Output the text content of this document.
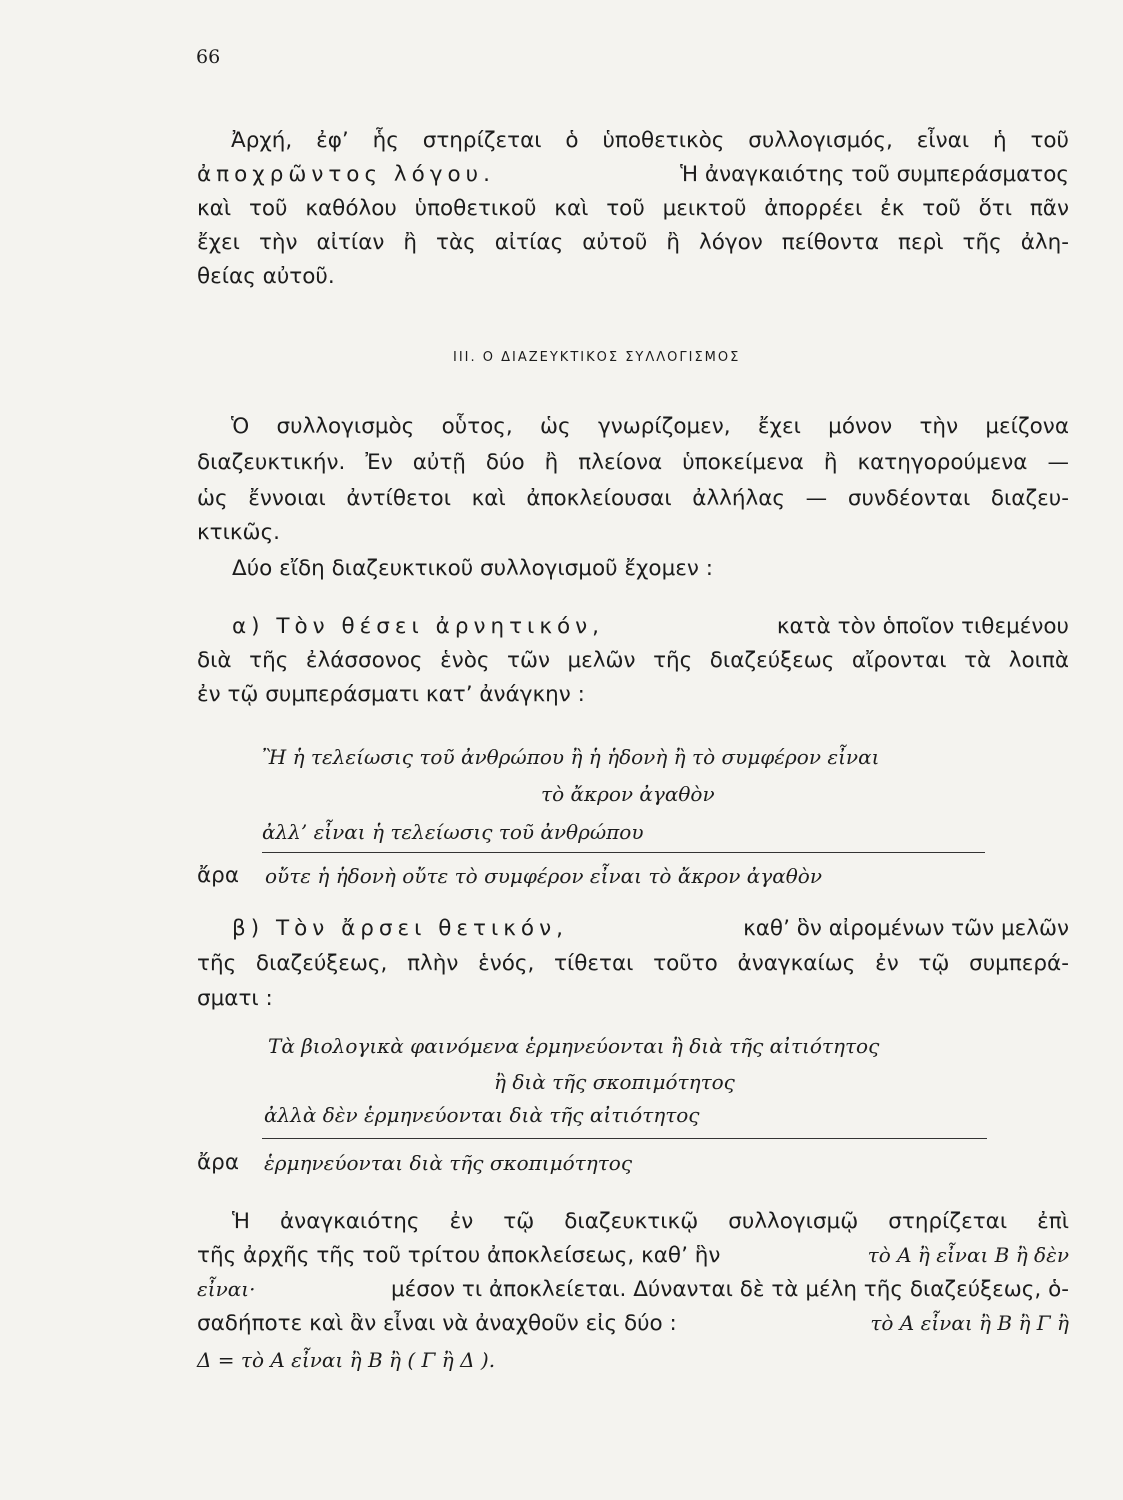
66
Ἀρχή, ἐφ’ ἧς στηρίζεται ὁ ὑποθετικὸς συλλογισμός, εἶναι ἡ τοῦ
ἀποχρῶντος λόγου.	Ἡ ἀναγκαιότης τοῦ συμπεράσματος
καὶ τοῦ καθόλου ὑποθετικοῦ καὶ τοῦ μεικτοῦ ἀπορρέει ἐκ τοῦ ὅτι πᾶν
ἔχει τὴν αἰτίαν ἢ τὰς αἰτίας αὐτοῦ ἢ λόγον πείθοντα περὶ τῆς ἀλη-
θείας αὐτοῦ.
III. Ο ΔΙΑΖΕΥΚΤΙΚΟΣ ΣΥΛΛΟΓΙΣΜΟΣ
Ὁ συλλογισμὸς οὗτος, ὡς γνωρίζομεν, ἔχει μόνον τὴν μείζονα
διαζευκτικήν. Ἐν αὐτῇ δύο ἢ πλείονα ὑποκείμενα ἢ κατηγορούμενα —
ὡς ἔννοιαι ἀντίθετοι καὶ ἀποκλείουσαι ἀλλήλας — συνδέονται διαζευ-
κτικῶς.
Δύο εἴδη διαζευκτικοῦ συλλογισμοῦ ἔχομεν :
α) Τὸν θέσει ἀρνητικόν,	κατὰ τὸν ὁποῖον τιθεμένου
διὰ τῆς ἐλάσσονος ἑνὸς τῶν μελῶν τῆς διαζεύξεως αἴρονται τὰ λοιπὰ
ἐν τῷ συμπεράσματι κατ’ ἀνάγκην :
Ἢ ἡ τελείωσις τοῦ ἀνθρώπου ἢ ἡ ἡδονὴ ἢ τὸ συμφέρον εἶναι
τὸ ἄκρον ἀγαθὸν
ἀλλ’ εἶναι ἡ τελείωσις τοῦ ἀνθρώπου
ἄρα οὔτε ἡ ἡδονὴ οὔτε τὸ συμφέρον εἶναι τὸ ἄκρον ἀγαθὸν
β) Τὸν ἄρσει θετικόν,	καθ’ ὃν αἰρομένων τῶν μελῶν
τῆς διαζεύξεως, πλὴν ἑνός, τίθεται τοῦτο ἀναγκαίως ἐν τῷ συμπερά-
σματι :
Τὰ βιολογικὰ φαινόμενα ἑρμηνεύονται ἢ διὰ τῆς αἰτιότητος
ἢ διὰ τῆς σκοπιμότητος
ἀλλὰ δὲν ἑρμηνεύονται διὰ τῆς αἰτιότητος
ἄρα ἑρμηνεύονται διὰ τῆς σκοπιμότητος
Ἡ ἀναγκαιότης ἐν τῷ διαζευκτικῷ συλλογισμῷ στηρίζεται ἐπὶ
τῆς ἀρχῆς τῆς τοῦ τρίτου ἀποκλείσεως, καθ’ ἣν	τὸ Α ἢ εἶναι Β ἢ δὲν
εἶναι·	μέσον τι ἀποκλείεται. Δύνανται δὲ τὰ μέλη τῆς διαζεύξεως, ὁ-
σαδήποτε καὶ ἂν εἶναι νὰ ἀναχθοῦν εἰς δύο :	τὸ Α εἶναι ἢ Β ἢ Γ ἢ
Δ = τὸ Α εἶναι ἢ Β ἢ ( Γ ἢ Δ ).
